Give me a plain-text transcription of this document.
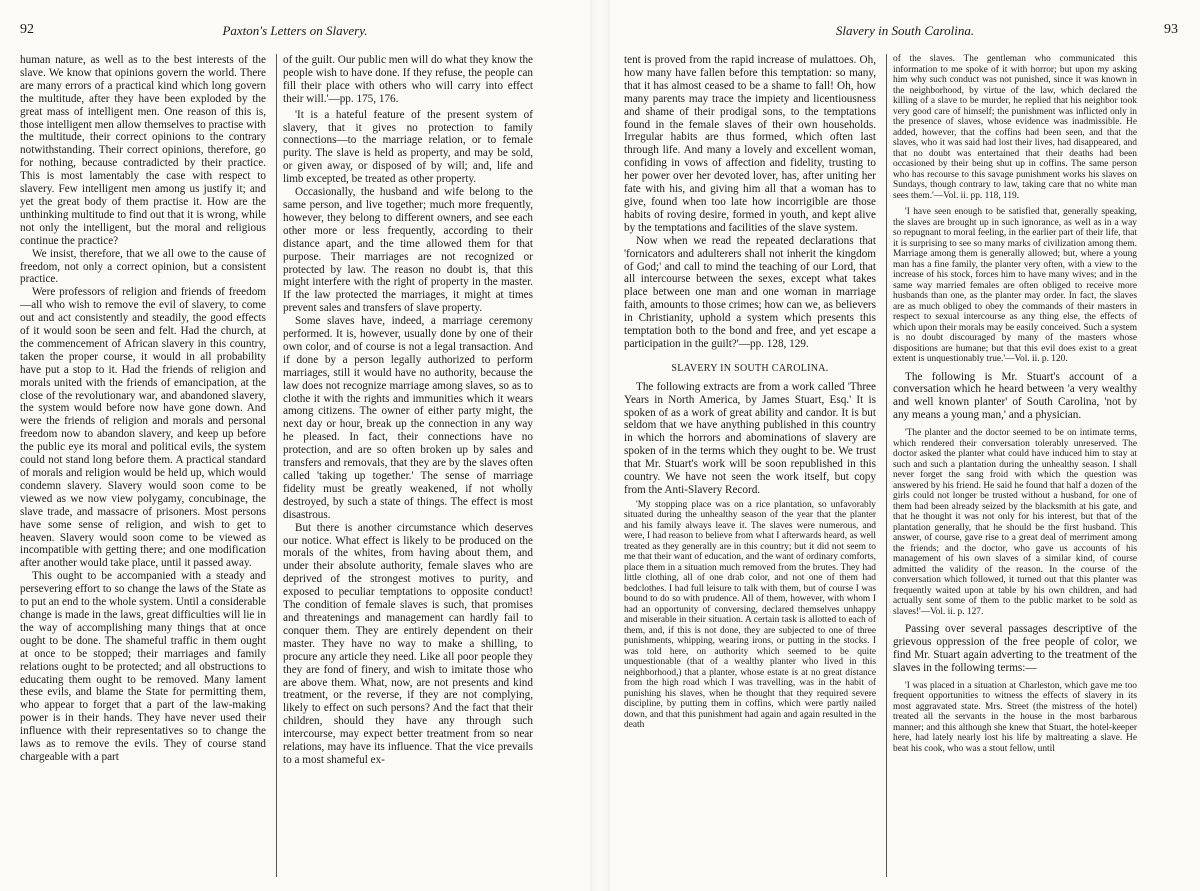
92	Paxton's Letters on Slavery.

human nature, as well as to the best interests of the slave. We know that opinions govern the world. There are many errors of a practical kind which long govern the multitude, after they have been exploded by the great mass of intelligent men. One reason of this is, those intelligent men allow themselves to practise with the multitude, their correct opinions to the contrary notwithstanding. Their correct opinions, therefore, go for nothing, because contradicted by their practice. This is most lamentably the case with respect to slavery. Few intelligent men among us justify it; and yet the great body of them practise it. How are the unthinking multitude to find out that it is wrong, while not only the intelligent, but the moral and religious continue the practice?

We insist, therefore, that we all owe to the cause of freedom, not only a correct opinion, but a consistent practice.

Were professors of religion and friends of freedom—all who wish to remove the evil of slavery, to come out and act consistently and steadily, the good effects of it would soon be seen and felt. Had the church, at the commencement of African slavery in this country, taken the proper course, it would in all probability have put a stop to it. Had the friends of religion and morals united with the friends of emancipation, at the close of the revolutionary war, and abandoned slavery, the system would before now have gone down. And were the friends of religion and morals and personal freedom now to abandon slavery, and keep up before the public eye its moral and political evils, the system could not stand long before them. A practical standard of morals and religion would be held up, which would condemn slavery. Slavery would soon come to be viewed as we now view polygamy, concubinage, the slave trade, and massacre of prisoners. Most persons have some sense of religion, and wish to get to heaven. Slavery would soon come to be viewed as incompatible with getting there; and one modification after another would take place, until it passed away.

This ought to be accompanied with a steady and persevering effort to so change the laws of the State as to put an end to the whole system. Until a considerable change is made in the laws, great difficulties will lie in the way of accomplishing many things that at once ought to be done. The shameful traffic in them ought at once to be stopped; their marriages and family relations ought to be protected; and all obstructions to educating them ought to be removed. Many lament these evils, and blame the State for permitting them, who appear to forget that a part of the law-making power is in their hands. They have never used their influence with their representatives so to change the laws as to remove the evils. They of course stand chargeable with a part

of the guilt. Our public men will do what they know the people wish to have done. If they refuse, the people can fill their place with others who will carry into effect their will.'—pp. 175, 176.

'It is a hateful feature of the present system of slavery, that it gives no protection to family connections—to the marriage relation, or to female purity. The slave is held as property, and may be sold, or given away, or disposed of by will; and, life and limb excepted, be treated as other property.

Occasionally, the husband and wife belong to the same person, and live together; much more frequently, however, they belong to different owners, and see each other more or less frequently, according to their distance apart, and the time allowed them for that purpose. Their marriages are not recognized or protected by law. The reason no doubt is, that this might interfere with the right of property in the master. If the law protected the marriages, it might at times prevent sales and transfers of slave property.

Some slaves have, indeed, a marriage ceremony performed. It is, however, usually done by one of their own color, and of course is not a legal transaction. And if done by a person legally authorized to perform marriages, still it would have no authority, because the law does not recognize marriage among slaves, so as to clothe it with the rights and immunities which it wears among citizens. The owner of either party might, the next day or hour, break up the connection in any way he pleased. In fact, their connections have no protection, and are so often broken up by sales and transfers and removals, that they are by the slaves often called 'taking up together.' The sense of marriage fidelity must be greatly weakened, if not wholly destroyed, by such a state of things. The effect is most disastrous.

But there is another circumstance which deserves our notice. What effect is likely to be produced on the morals of the whites, from having about them, and under their absolute authority, female slaves who are deprived of the strongest motives to purity, and exposed to peculiar temptations to opposite conduct! The condition of female slaves is such, that promises and threatenings and management can hardly fail to conquer them. They are entirely dependent on their master. They have no way to make a shilling, to procure any article they need. Like all poor people they they are fond of finery, and wish to imitate those who are above them. What, now, are not presents and kind treatment, or the reverse, if they are not complying, likely to effect on such persons? And the fact that their children, should they have any through such intercourse, may expect better treatment from so near relations, may have its influence. That the vice prevails to a most shameful ex-

Slavery in South Carolina.	93

tent is proved from the rapid increase of mulattoes. Oh, how many have fallen before this temptation: so many, that it has almost ceased to be a shame to fall! Oh, how many parents may trace the impiety and licentiousness and shame of their prodigal sons, to the temptations found in the female slaves of their own households. Irregular habits are thus formed, which often last through life. And many a lovely and excellent woman, confiding in vows of affection and fidelity, trusting to her power over her devoted lover, has, after uniting her fate with his, and giving him all that a woman has to give, found when too late how incorrigible are those habits of roving desire, formed in youth, and kept alive by the temptations and facilities of the slave system.

Now when we read the repeated declarations that 'fornicators and adulterers shall not inherit the kingdom of God;' and call to mind the teaching of our Lord, that all intercourse between the sexes, except what takes place between one man and one woman in marriage faith, amounts to those crimes; how can we, as believers in Christianity, uphold a system which presents this temptation both to the bond and free, and yet escape a participation in the guilt?'—pp. 128, 129.

SLAVERY IN SOUTH CAROLINA.

The following extracts are from a work called 'Three Years in North America, by James Stuart, Esq.' It is spoken of as a work of great ability and candor. It is but seldom that we have anything published in this country in which the horrors and abominations of slavery are spoken of in the terms which they ought to be. We trust that Mr. Stuart's work will be soon republished in this country. We have not seen the work itself, but copy from the Anti-Slavery Record.

'My stopping place was on a rice plantation, so unfavorably situated during the unhealthy season of the year that the planter and his family always leave it. The slaves were numerous, and were, I had reason to believe from what I afterwards heard, as well treated as they generally are in this country; but it did not seem to me that their want of education, and the want of ordinary comforts, place them in a situation much removed from the brutes. They had little clothing, all of one drab color, and not one of them had bedclothes. I had full leisure to talk with them, but of course I was bound to do so with prudence. All of them, however, with whom I had an opportunity of conversing, declared themselves unhappy and miserable in their situation. A certain task is allotted to each of them, and, if this is not done, they are subjected to one of three punishments, whipping, wearing irons, or putting in the stocks. I was told here, on authority which seemed to be quite unquestionable (that of a wealthy planter who lived in this neighborhood,) that a planter, whose estate is at no great distance from the high road which I was travelling, was in the habit of punishing his slaves, when he thought that they required severe discipline, by putting them in coffins, which were partly nailed down, and that this punishment had again and again resulted in the death

of the slaves. The gentleman who communicated this information to me spoke of it with horror; but upon my asking him why such conduct was not punished, since it was known in the neighborhood, by virtue of the law, which declared the killing of a slave to be murder, he replied that his neighbor took very good care of himself; the punishment was inflicted only in the presence of slaves, whose evidence was inadmissible. He added, however, that the coffins had been seen, and that the slaves, who it was said had lost their lives, had disappeared, and that no doubt was entertained that their deaths had been occasioned by their being shut up in coffins. The same person who has recourse to this savage punishment works his slaves on Sundays, though contrary to law, taking care that no white man sees them.'—Vol. ii. pp. 118, 119.

'I have seen enough to be satisfied that, generally speaking, the slaves are brought up in such ignorance, as well as in a way so repugnant to moral feeling, in the earlier part of their life, that it is surprising to see so many marks of civilization among them. Marriage among them is generally allowed; but, where a young man has a fine family, the planter very often, with a view to the increase of his stock, forces him to have many wives; and in the same way married females are often obliged to receive more husbands than one, as the planter may order. In fact, the slaves are as much obliged to obey the commands of their masters in respect to sexual intercourse as any thing else, the effects of which upon their morals may be easily conceived. Such a system is no doubt discouraged by many of the masters whose dispositions are humane; but that this evil does exist to a great extent is unquestionably true.'—Vol. ii. p. 120.

The following is Mr. Stuart's account of a conversation which he heard between 'a very wealthy and well known planter' of South Carolina, 'not by any means a young man,' and a physician.

'The planter and the doctor seemed to be on intimate terms, which rendered their conversation tolerably unreserved. The doctor asked the planter what could have induced him to stay at such and such a plantation during the unhealthy season. I shall never forget the sang froid with which the question was answered by his friend. He said he found that half a dozen of the girls could not longer be trusted without a husband, for one of them had been already seized by the blacksmith at his gate, and that he thought it was not only for his interest, but that of the plantation generally, that he should be the first husband. This answer, of course, gave rise to a great deal of merriment among the friends; and the doctor, who gave us accounts of his management of his own slaves of a similar kind, of course admitted the validity of the reason. In the course of the conversation which followed, it turned out that this planter was frequently waited upon at table by his own children, and had actually sent some of them to the public market to be sold as slaves!'—Vol. ii. p. 127.

Passing over several passages descriptive of the grievous oppression of the free people of color, we find Mr. Stuart again adverting to the treatment of the slaves in the following terms:—

'I was placed in a situation at Charleston, which gave me too frequent opportunities to witness the effects of slavery in its most aggravated state. Mrs. Street (the mistress of the hotel) treated all the servants in the house in the most barbarous manner; and this although she knew that Stuart, the hotel-keeper here, had lately nearly lost his life by maltreating a slave. He beat his cook, who was a stout fellow, until
